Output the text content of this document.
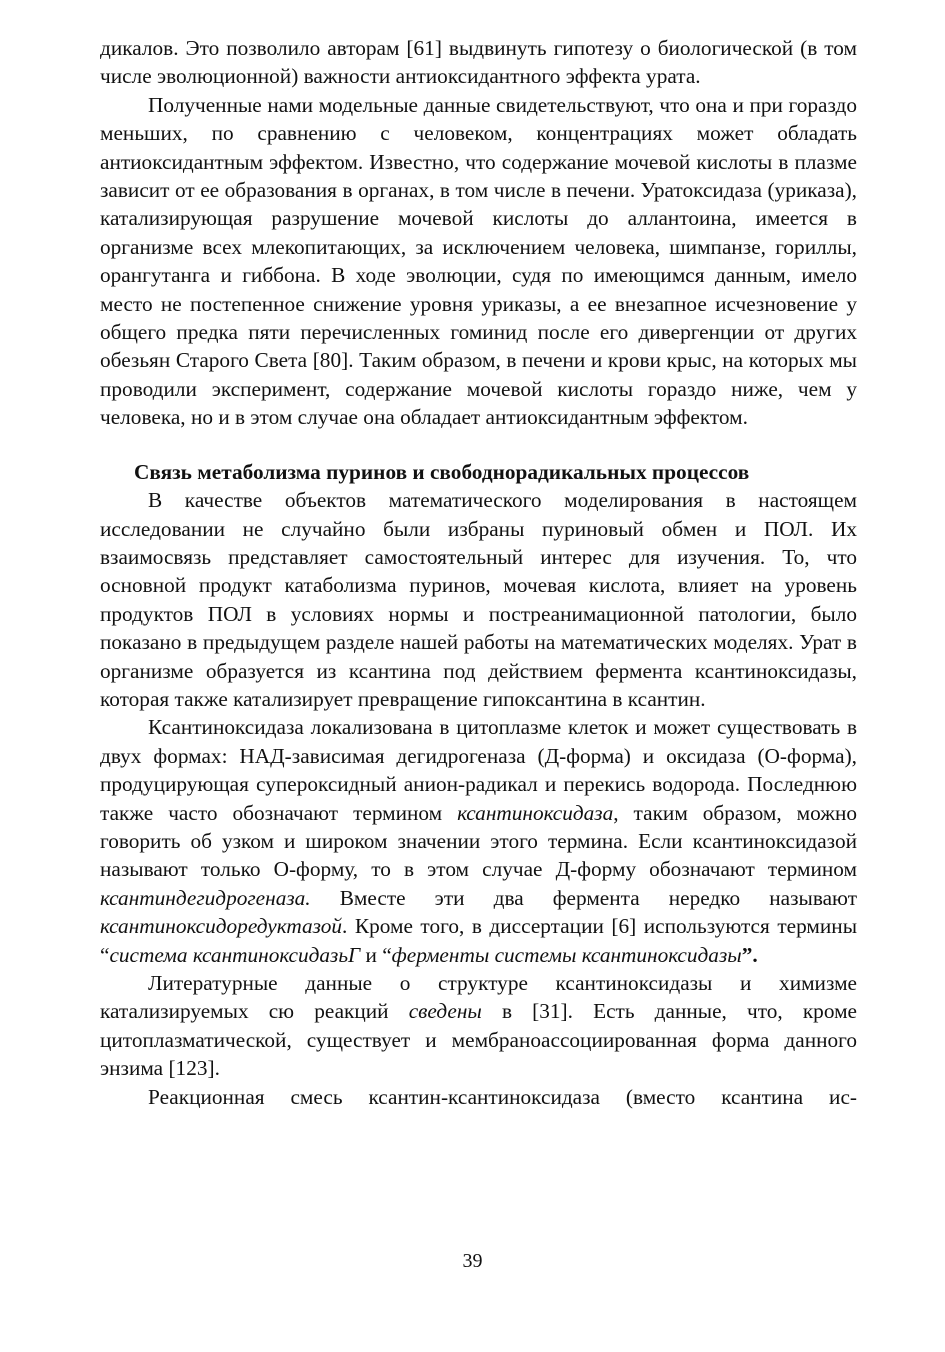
дикалов. Это позволило авторам [61] выдвинуть гипотезу о биологической (в том числе эволюционной) важности антиоксидантного эффекта урата.

Полученные нами модельные данные свидетельствуют, что она и при гораздо меньших, по сравнению с человеком, концентрациях может обладать антиоксидантным эффектом. Известно, что содержание мочевой кислоты в плазме зависит от ее образования в органах, в том числе в печени. Уратоксидаза (уриказа), катализирующая разрушение мочевой кислоты до аллантоина, имеется в организме всех млекопитающих, за исключением человека, шимпанзе, гориллы, орангутанга и гиббона. В ходе эволюции, судя по имеющимся данным, имело место не постепенное снижение уровня уриказы, а ее внезапное исчезновение у общего предка пяти перечисленных гоминид после его дивергенции от других обезьян Старого Света [80]. Таким образом, в печени и крови крыс, на которых мы проводили эксперимент, содержание мочевой кислоты гораздо ниже, чем у человека, но и в этом случае она обладает антиоксидантным эффектом.

Связь метаболизма пуринов и свободнорадикальных процессов

В качестве объектов математического моделирования в настоящем исследовании не случайно были избраны пуриновый обмен и ПОЛ. Их взаимосвязь представляет самостоятельный интерес для изучения. То, что основной продукт катаболизма пуринов, мочевая кислота, влияет на уровень продуктов ПОЛ в условиях нормы и постреанимационной патологии, было показано в предыдущем разделе нашей работы на математических моделях. Урат в организме образуется из ксантина под действием фермента ксантиноксидазы, которая также катализирует превращение гипоксантина в ксантин.

Ксантиноксидаза локализована в цитоплазме клеток и может существовать в двух формах: НАД-зависимая дегидрогеназа (Д-форма) и оксидаза (О-форма), продуцирующая супероксидный анион-радикал и перекись водорода. Последнюю также часто обозначают термином ксантиноксидаза, таким образом, можно говорить об узком и широком значении этого термина. Если ксантиноксидазой называют только О-форму, то в этом случае Д-форму обозначают термином ксантиндегидрогеназа. Вместе эти два фермента нередко называют ксантиноксидоредуктазой. Кроме того, в диссертации [6] используются термины “система ксантиноксидазьГ и “ферменты системы ксантиноксидазы”.

Литературные данные о структуре ксантиноксидазы и химизме катализируемых сю реакций сведены в [31]. Есть данные, что, кроме цитоплазматической, существует и мембраноассоциированная форма данного энзима [123].

Реакционная смесь ксантин-ксантиноксидаза (вместо ксантина ис-

39
